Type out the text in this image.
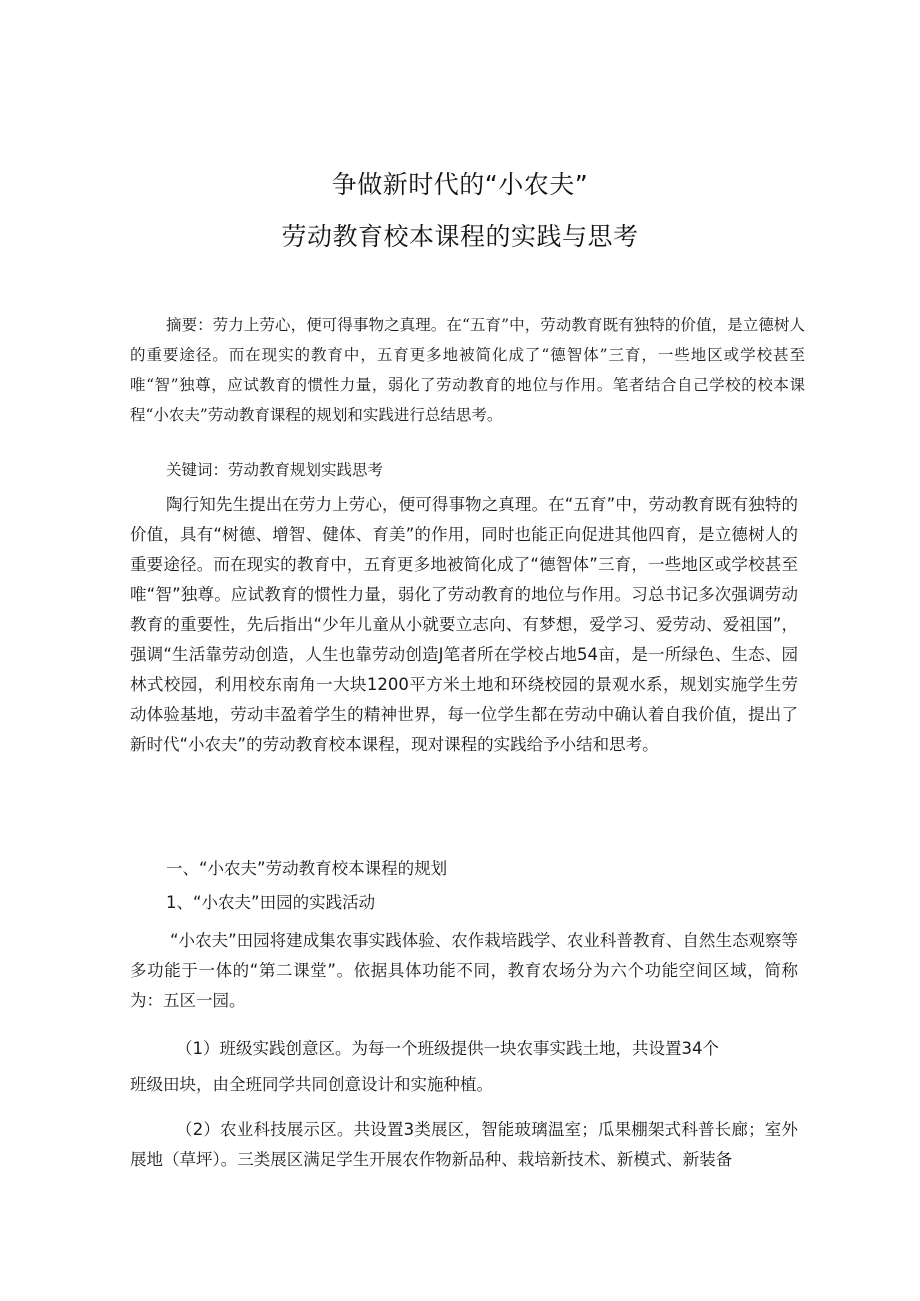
争做新时代的“小农夫”
劳动教育校本课程的实践与思考

摘要：劳力上劳心，便可得事物之真理。在“五育”中，劳动教育既有独特的价值，是立德树人的重要途径。而在现实的教育中，五育更多地被简化成了“德智体”三育，一些地区或学校甚至唯“智”独尊，应试教育的惯性力量，弱化了劳动教育的地位与作用。笔者结合自己学校的校本课程“小农夫”劳动教育课程的规划和实践进行总结思考。

关键词：劳动教育规划实践思考
陶行知先生提出在劳力上劳心，便可得事物之真理。在“五育”中，劳动教育既有独特的价值，具有“树德、增智、健体、育美”的作用，同时也能正向促进其他四育，是立德树人的重要途径。而在现实的教育中，五育更多地被简化成了“德智体”三育，一些地区或学校甚至唯“智”独尊。应试教育的惯性力量，弱化了劳动教育的地位与作用。习总书记多次强调劳动教育的重要性，先后指出“少年儿童从小就要立志向、有梦想，爱学习、爱劳动、爱祖国”，强调“生活靠劳动创造，人生也靠劳动创造J笔者所在学校占地54亩，是一所绿色、生态、园林式校园，利用校东南角一大块1200平方米土地和环绕校园的景观水系，规划实施学生劳动体验基地，劳动丰盈着学生的精神世界，每一位学生都在劳动中确认着自我价值，提出了新时代“小农夫”的劳动教育校本课程，现对课程的实践给予小结和思考。
一、“小农夫”劳动教育校本课程的规划
1、“小农夫”田园的实践活动
“小农夫”田园将建成集农事实践体验、农作栽培践学、农业科普教育、自然生态观察等多功能于一体的“第二课堂”。依据具体功能不同，教育农场分为六个功能空间区域，简称为：五区一园。
（1）班级实践创意区。为每一个班级提供一块农事实践土地，共设置34个
班级田块，由全班同学共同创意设计和实施种植。
（2）农业科技展示区。共设置3类展区，智能玻璃温室；瓜果棚架式科普长廊；室外展地（草坪）。三类展区满足学生开展农作物新品种、栽培新技术、新模式、新装备
